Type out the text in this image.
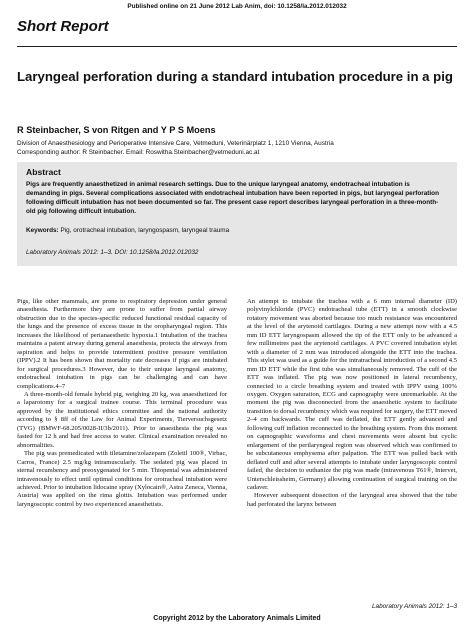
Published online on 21 June 2012 Lab Anim, doi: 10.1258/la.2012.012032
Short Report
Laryngeal perforation during a standard intubation procedure in a pig
R Steinbacher, S von Ritgen and Y P S Moens
Division of Anaesthesiology and Perioperative Intensive Care, Vetmeduni, Veterinärplatz 1, 1210 Vienna, Austria
Corresponding author: R Steinbacher. Email: Roswitha.Steinbacher@vetmeduni.ac.at
Abstract
Pigs are frequently anaesthetized in animal research settings. Due to the unique laryngeal anatomy, endotracheal intubation is demanding in pigs. Several complications associated with endotracheal intubation have been reported in pigs, but laryngeal perforation following difficult intubation has not been documented so far. The present case report describes laryngeal perforation in a three-month-old pig following difficult intubation.
Keywords: Pig, orotracheal intubation, laryngospasm, laryngeal trauma
Laboratory Animals 2012: 1–3. DOI: 10.1258/la.2012.012032

Pigs, like other mammals, are prone to respiratory depression under general anaesthesia. Furthermore they are prone to suffer from partial airway obstruction due to the species-specific reduced functional residual capacity of the lungs and the presence of excess tissue in the oropharyngeal region. This increases the likelihood of perianaesthetic hypoxia.1 Intubation of the trachea maintains a patent airway during general anaesthesia, protects the airways from aspiration and helps to provide intermittent positive pressure ventilation (IPPV).2 It has been shown that mortality rate decreases if pigs are intubated for surgical procedures.3 However, due to their unique laryngeal anatomy, endotracheal intubation in pigs can be challenging and can have complications.4–7

A three-month-old female hybrid pig, weighing 20 kg, was anaesthetized for a laparotomy for a surgical trainee course. This terminal procedure was approved by the institutional ethics committee and the national authority according to § 8ff of the Law for Animal Experiments, Tierversuchsgesetz (TVG) (BMWF-68.205/0028-II/3b/2011). Prior to anaesthesia the pig was fasted for 12 h and had free access to water. Clinical examination revealed no abnormalities.

The pig was premedicated with tiletamine/zolazepam (Zoletil 100®, Virbac, Carros, France) 2.5 mg/kg intramuscularly. The sedated pig was placed in sternal recumbency and preoxygenated for 5 min. Thiopental was administered intravenously to effect until optimal conditions for orotracheal intubation were achieved. Prior to intubation lidocaine spray (Xylocain®, Astra Zeneca, Vienna, Austria) was applied on the rima glottis. Intubation was performed under laryngoscopic control by two experienced anaesthetists.

An attempt to intubate the trachea with a 6 mm internal diameter (ID) polyvinylchloride (PVC) endotracheal tube (ETT) in a smooth clockwise rotatory movement was aborted because too much resistance was encountered at the level of the arytenoid cartilages. During a new attempt now with a 4.5 mm ID ETT laryngospasm allowed the tip of the ETT only to be advanced a few millimetres past the arytenoid cartilages. A PVC covered intubation stylet with a diameter of 2 mm was introduced alongside the ETT into the trachea. This stylet was used as a guide for the intratracheal introduction of a second 4.5 mm ID ETT while the first tube was simultaneously removed. The cuff of the ETT was inflated. The pig was now positioned in lateral recumbency, connected to a circle breathing system and treated with IPPV using 100% oxygen. Oxygen saturation, ECG and capnography were unremarkable. At the moment the pig was disconnected from the anaesthetic system to facilitate transition to dorsal recumbency which was required for surgery, the ETT moved 2–4 cm backwards. The cuff was deflated, the ETT gently advanced and following cuff inflation reconnected to the breathing system. From this moment on capnographic waveforms and chest movements were absent but cyclic enlargement of the perilaryngeal region was observed which was confirmed to be subcutaneous emphysema after palpation. The ETT was pulled back with deflated cuff and after several attempts to intubate under laryngoscopic control failed, the decision to euthanize the pig was made (intravenous T61®, Intervet, Unterschleissheim, Germany) allowing continuation of surgical training on the cadaver.

However subsequent dissection of the laryngeal area showed that the tube had perforated the larynx between

Laboratory Animals 2012: 1–3
Copyright 2012 by the Laboratory Animals Limited
